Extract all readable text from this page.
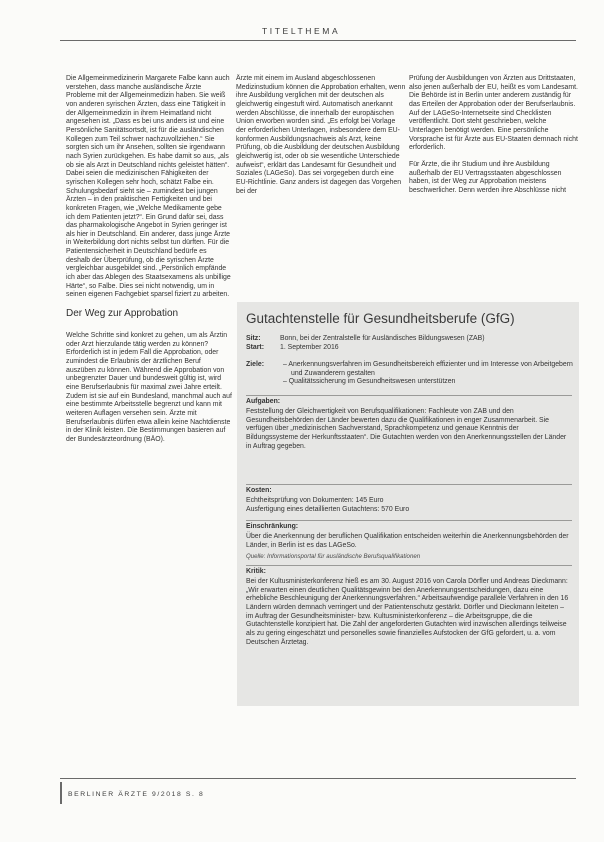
TITELTHEMA

Die Allgemeinmedizinerin Margarete Falbe kann auch verstehen, dass manche ausländische Ärzte Probleme mit der Allgemeinmedizin haben. Sie weiß von anderen syrischen Ärzten, dass eine Tätigkeit in der Allgemeinmedizin in ihrem Heimatland nicht angesehen ist. „Dass es bei uns anders ist und eine Persönliche Sanitätsortsdt, ist für die ausländischen Kollegen zum Teil schwer nachzuvollziehen.“ Sie sorgten sich um ihr Ansehen, sollten sie irgendwann nach Syrien zurückgehen. Es habe damit so aus, „als ob sie als Arzt in Deutschland nichts geleistet hätten“. Dabei seien die medizinischen Fähigkeiten der syrischen Kollegen sehr hoch, schätzt Falbe ein. Schulungsbedarf sieht sie – zumindest bei jungen Ärzten – in den praktischen Fertigkeiten und bei konkreten Fragen, wie „Welche Medikamente gebe ich dem Patienten jetzt?“. Ein Grund dafür sei, dass das pharmakologische Angebot in Syrien geringer ist als hier in Deutschland. Ein anderer, dass junge Ärzte in Weiterbildung dort nichts selbst tun dürften. Für die Patientensicherheit in Deutschland bedürfe es deshalb der Überprüfung, ob die syrischen Ärzte vergleichbar ausgebildet sind. „Persönlich empfände ich aber das Ablegen des Staatsexamens als unbillige Härte“, so Falbe. Dies sei nicht notwendig, um in seinen eigenen Fachgebiet sparsel fiziert zu arbeiten.

Der Weg zur Approbation

Welche Schritte sind konkret zu gehen, um als Ärztin oder Arzt hierzulande tätig werden zu können? Erforderlich ist in jedem Fall die Approbation, oder zumindest die Erlaubnis der ärztlichen Beruf auszüben zu können. Während die Approbation von unbegrenzter Dauer und bundesweit gültig ist, wird eine Berufserlaubnis für maximal zwei Jahre erteilt. Zudem ist sie auf ein Bundesland, manchmal auch auf eine bestimmte Arbeitsstelle begrenzt und kann mit weiteren Auflagen versehen sein. Ärzte mit Berufserlaubnis dürfen etwa allein keine Nachtdienste in der Klinik leisten. Die Bestimmungen basieren auf der Bundesärzteordnung (BÄO).

Ärzte mit einem im Ausland abgeschlossenen Medizinstudium können die Approbation erhalten, wenn ihre Ausbildung verglichen mit der deutschen als gleichwertig eingestuft wird. Automatisch anerkannt werden Abschlüsse, die innerhalb der europäischen Union erworben worden sind. „Es erfolgt bei Vorlage der erforderlichen Unterlagen, insbesondere dem EU-konformen Ausbildungsnachweis als Arzt, keine Prüfung, ob die Ausbildung der deutschen Ausbildung gleichwertig ist, oder ob sie wesentliche Unterschiede aufweist“, erklärt das Landesamt für Gesundheit und Soziales (LAGeSo). Das sei vorgegeben durch eine EU-Richtlinie. Ganz anders ist dagegen das Vorgehen bei der

Prüfung der Ausbildungen von Ärzten aus Drittstaaten, also jenen außerhalb der EU, heißt es vom Landesamt. Die Behörde ist in Berlin unter anderem zuständig für das Erteilen der Approbation oder der Berufserlaubnis. Auf der LAGeSo-Internetseite sind Checklisten veröffentlicht. Dort steht geschrieben, welche Unterlagen benötigt werden. Eine persönliche Vorsprache ist für Ärzte aus EU-Staaten demnach nicht erforderlich.

Für Ärzte, die ihr Studium und ihre Ausbildung außerhalb der EU Vertragsstaaten abgeschlossen haben, ist der Weg zur Approbation meistens beschwerlicher. Denn werden ihre Abschlüsse nicht

Gutachtenstelle für Gesundheitsberufe (GfG)
Sitz:	Bonn, bei der Zentralstelle für Ausländisches Bildungswesen (ZAB)
Start: 1. September 2016
Ziele:	– Anerkennungsverfahren im Gesundheitsbereich effizienter und im Interesse von Arbeitgebern und Zuwanderern gestalten
– Qualitätssicherung im Gesundheitswesen unterstützen
Aufgaben:

Feststellung der Gleichwertigkeit von Berufsqualifikationen: Fachleute von ZAB und den Gesundheitsbehörden der Länder bewerten dazu die Qualifikationen in enger Zusammenarbeit. Sie verfügen über „medizinischen Sachverstand, Sprachkompetenz und genaue Kenntnis der Bildungssysteme der Herkunftsstaaten“. Die Gutachten werden von den Anerkennungsstellen der Länder in Auftrag gegeben.

Kosten:

Echtheitsprüfung von Dokumenten: 145 Euro

Ausfertigung eines detaillierten Gutachtens: 570 Euro

Einschränkung:

Über die Anerkennung der beruflichen Qualifikation entscheiden weiterhin die Anerkennungsbehörden der Länder, in Berlin ist es das LAGeSo.

Quelle: Informationsportal für ausländische Berufsqualifikationen
Kritik:

Bei der Kultusministerkonferenz hieß es am 30. August 2016 von Carola Dörfler und Andreas Dieckmann: „Wir erwarten einen deutlichen Qualitätsgewinn bei den Anerkennungsentscheidungen, dazu eine erhebliche Beschleunigung der Anerkennungsverfahren.“ Arbeitsaufwendige parallele Verfahren in den 16 Ländern würden demnach verringert und der Patientenschutz gestärkt. Dörfler und Dieckmann leiteten – im Auftrag der Gesundheitsminister- bzw. Kultusministerkonferenz – die Arbeitsgruppe, die die Gutachtenstelle konzipiert hat. Die Zahl der angeforderten Gutachten wird inzwischen allerdings teilweise als zu gering eingeschätzt und personelles sowie finanzielles Aufstocken der GfG gefordert, u. a. vom Deutschen Ärztetag.

BERLINER ÄRZTE 9/2018 S. 8
